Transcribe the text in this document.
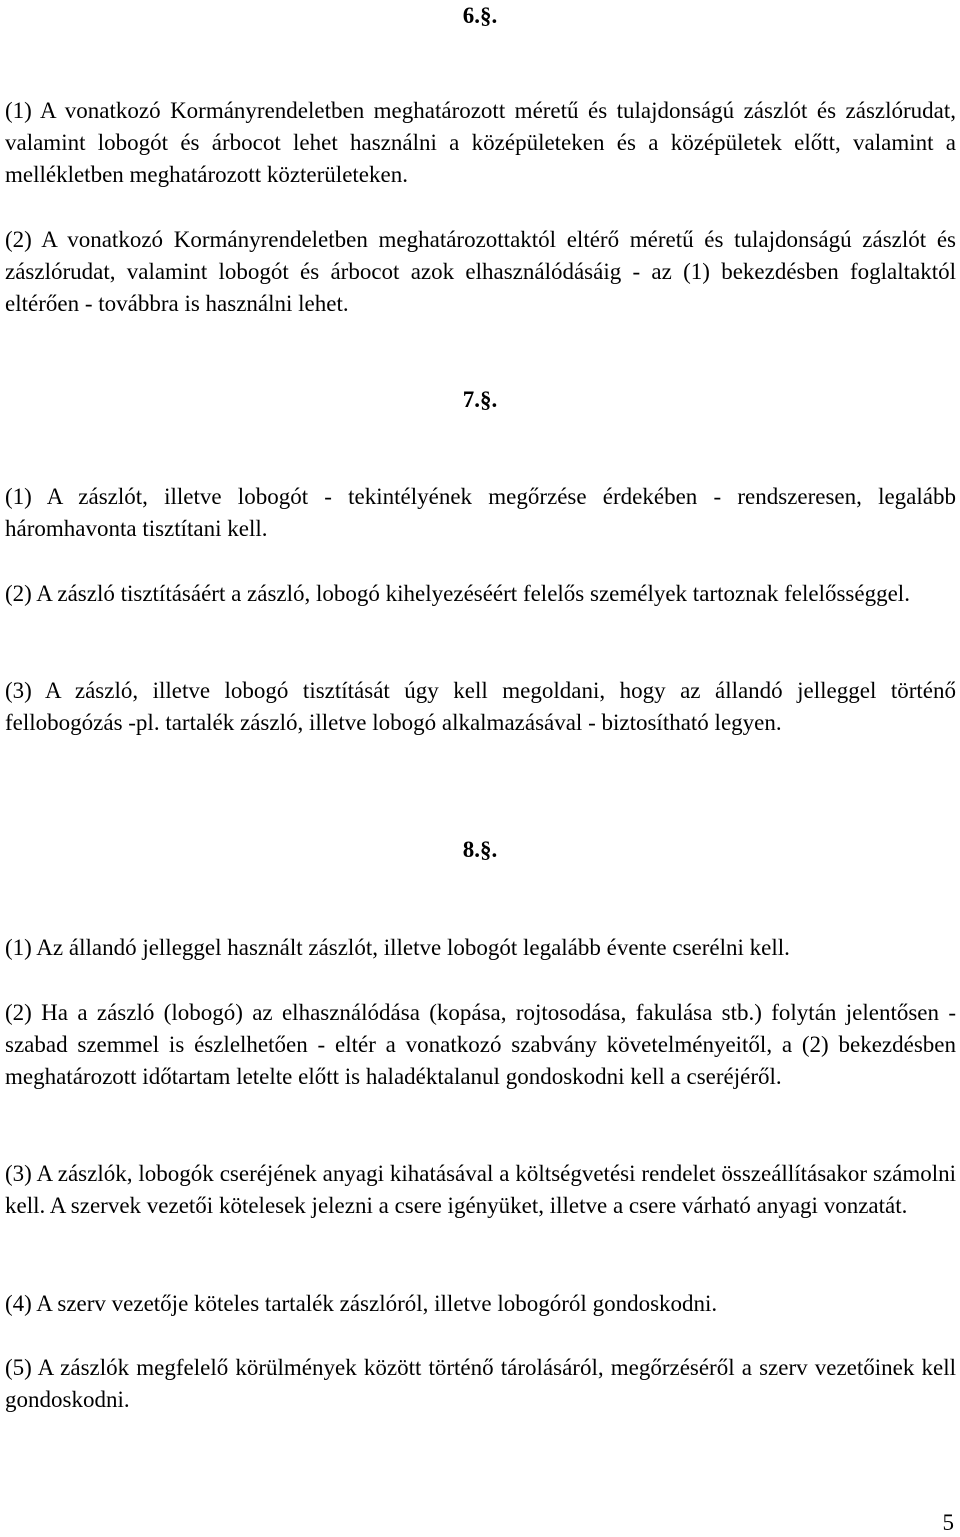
6.§.

(1) A vonatkozó Kormányrendeletben meghatározott méretű és tulajdonságú zászlót és zászlórudat, valamint lobogót és árbocot lehet használni a középületeken és a középületek előtt, valamint a mellékletben meghatározott közterületeken.

(2) A vonatkozó Kormányrendeletben meghatározottaktól eltérő méretű és tulajdonságú zászlót és zászlórudat, valamint lobogót és árbocot azok elhasználódásáig - az (1) bekezdésben foglaltaktól eltérően - továbbra is használni lehet.

7.§.

(1) A zászlót, illetve lobogót - tekintélyének megőrzése érdekében - rendszeresen, legalább háromhavonta tisztítani kell.

(2) A zászló tisztításáért a zászló, lobogó kihelyezéséért felelős személyek tartoznak felelősséggel.

(3) A zászló, illetve lobogó tisztítását úgy kell megoldani, hogy az állandó jelleggel történő fellobogózás -pl. tartalék zászló, illetve lobogó alkalmazásával - biztosítható legyen.

8.§.

(1) Az állandó jelleggel használt zászlót, illetve lobogót legalább évente cserélni kell.

(2) Ha a zászló (lobogó) az elhasználódása (kopása, rojtosodása, fakulása stb.) folytán jelentősen - szabad szemmel is észlelhetően - eltér a vonatkozó szabvány követelményeitől, a (2) bekezdésben meghatározott időtartam letelte előtt is haladéktalanul gondoskodni kell a cseréjéről.

(3) A zászlók, lobogók cseréjének anyagi kihatásával a költségvetési rendelet összeállításakor számolni kell. A szervek vezetői kötelesek jelezni a csere igényüket, illetve a csere várható anyagi vonzatát.

(4) A szerv vezetője köteles tartalék zászlóról, illetve lobogóról gondoskodni.

(5) A zászlók megfelelő körülmények között történő tárolásáról, megőrzéséről a szerv vezetőinek kell gondoskodni.

5
